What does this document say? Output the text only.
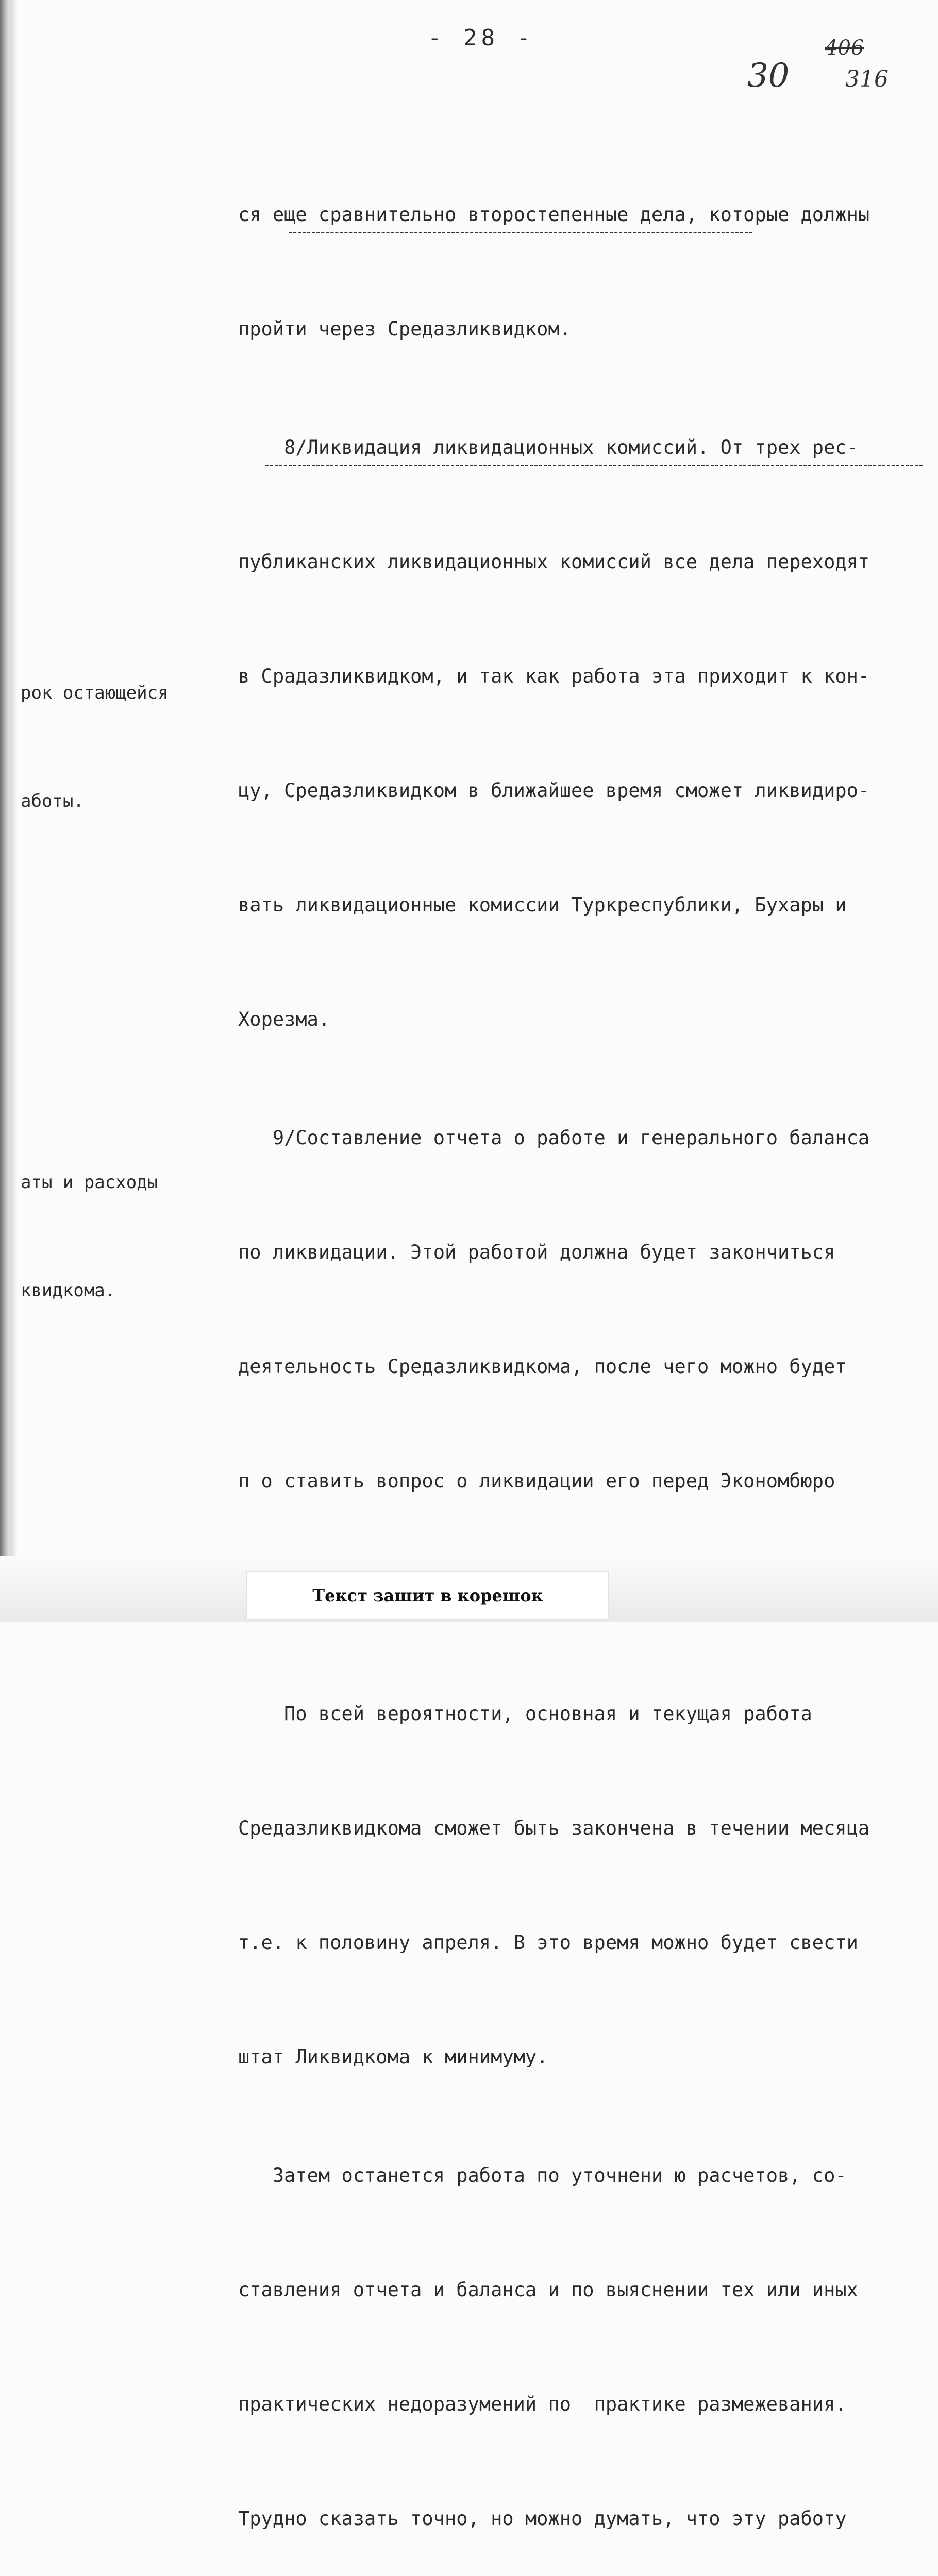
- 28 -
30
406
316

ся еще сравнительно второстепенные дела, которые должны

пройти через Средазликвидком.

8/Ликвидация ликвидационных комиссий. От трех рес-

публиканских ликвидационных комиссий все дела переходят

в Срадазликвидком, и так как работа эта приходит к кон-

цу, Средазликвидком в ближайшее время сможет ликвидиро-

вать ликвидационные комиссии Туркреспублики, Бухары и

Хорезма.

9/Составление отчета о работе и генерального баланса

по ликвидации. Этой работой должна будет закончиться

деятельность Средазликвидкома, после чего можно будет

п о ставить вопрос о ликвидации его перед Экономбюро

По всей вероятности, основная и текущая работа

Средазликвидкома сможет быть закончена в течении месяца

т.е. к половину апреля. В это время можно будет свести

штат Ликвидкома к минимуму.

Затем останется работа по уточнени ю расчетов, со-

ставления отчета и баланса и по выяснении тех или иных

практических недоразумений по  практике размежевания.

Трудно сказать точно, но можно думать, что эту работу

рок остающейся

аботы.

аты и расходы

квидкома.

Текст зашит в корешок
